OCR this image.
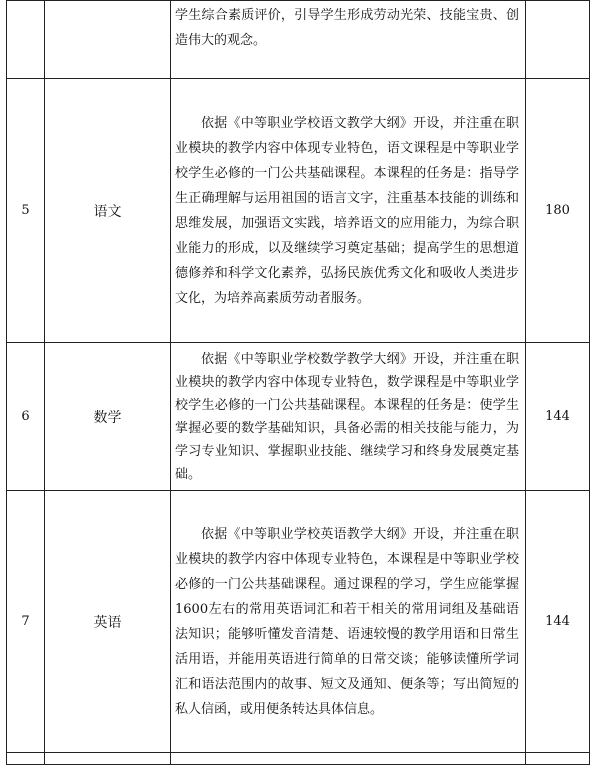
		学生综合素质评价，引导学生形成劳动光荣、技能宝贵、创造伟大的观念。	

5	语文	依据《中等职业学校语文教学大纲》开设，并注重在职业模块的教学内容中体现专业特色，语文课程是中等职业学校学生必修的一门公共基础课程。本课程的任务是：指导学生正确理解与运用祖国的语言文字，注重基本技能的训练和思维发展，加强语文实践，培养语文的应用能力，为综合职业能力的形成，以及继续学习奠定基础；提高学生的思想道德修养和科学文化素养，弘扬民族优秀文化和吸收人类进步文化，为培养高素质劳动者服务。	180
6	数学	依据《中等职业学校数学教学大纲》开设，并注重在职业模块的教学内容中体现专业特色，数学课程是中等职业学校学生必修的一门公共基础课程。本课程的任务是：使学生掌握必要的数学基础知识，具备必需的相关技能与能力，为学习专业知识、掌握职业技能、继续学习和终身发展奠定基础。	144
7	英语	依据《中等职业学校英语教学大纲》开设，并注重在职业模块的教学内容中体现专业特色，本课程是中等职业学校必修的一门公共基础课程。通过课程的学习，学生应能掌握1600左右的常用英语词汇和若干相关的常用词组及基础语法知识；能够听懂发音清楚、语速较慢的教学用语和日常生活用语，并能用英语进行简单的日常交谈；能够读懂所学词汇和语法范围内的故事、短文及通知、便条等；写出简短的私人信函，或用便条转达具体信息。	144
